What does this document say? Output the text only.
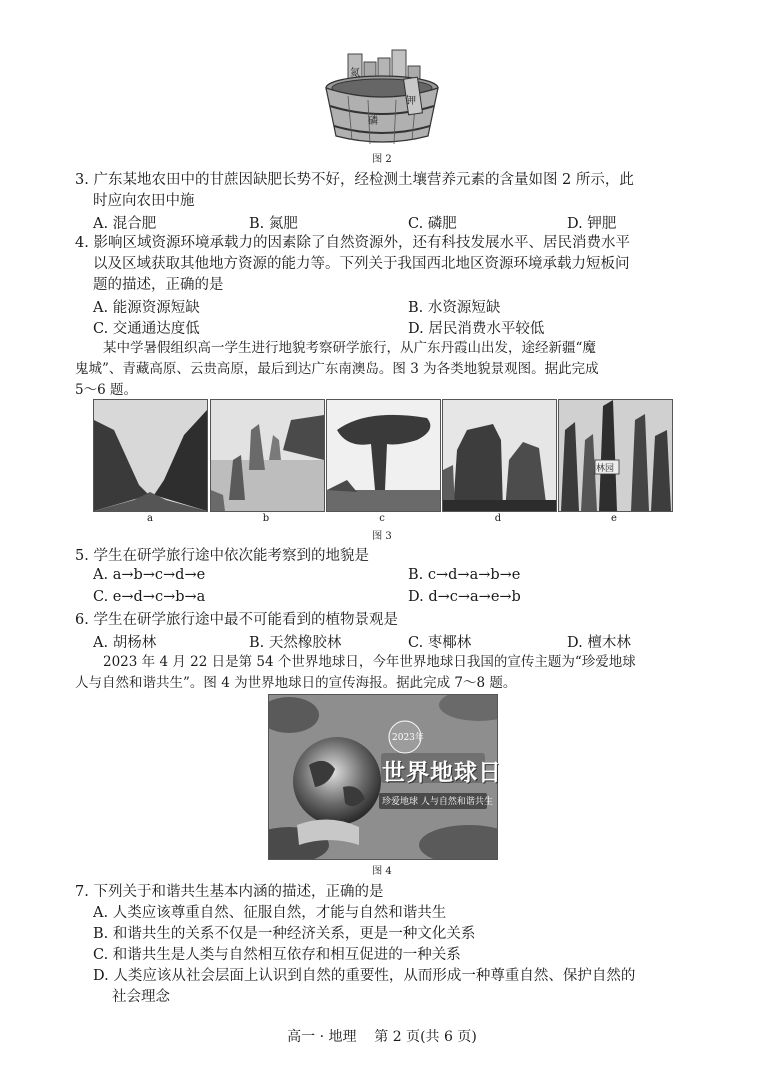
氮
钾
磷
图 2
3. 广东某地农田中的甘蔗因缺肥长势不好，经检测土壤营养元素的含量如图 2 所示，此
时应向农田中施
A. 混合肥	B. 氮肥	C. 磷肥	D. 钾肥
4. 影响区域资源环境承载力的因素除了自然资源外，还有科技发展水平、居民消费水平
以及区域获取其他地方资源的能力等。下列关于我国西北地区资源环境承载力短板问
题的描述，正确的是
A. 能源资源短缺	B. 水资源短缺
C. 交通通达度低	D. 居民消费水平较低
某中学暑假组织高一学生进行地貌考察研学旅行，从广东丹霞山出发，途经新疆“魔
鬼城”、青藏高原、云贵高原，最后到达广东南澳岛。图 3 为各类地貌景观图。据此完成
5～6 题。
林园
a	b	c	d	e
图 3
5. 学生在研学旅行途中依次能考察到的地貌是
A. a→b→c→d→e	B. c→d→a→b→e
C. e→d→c→b→a	D. d→c→a→e→b
6. 学生在研学旅行途中最不可能看到的植物景观是
A. 胡杨林	B. 天然橡胶林	C. 枣椰林	D. 檀木林
2023 年 4 月 22 日是第 54 个世界地球日，今年世界地球日我国的宣传主题为“珍爱地球
人与自然和谐共生”。图 4 为世界地球日的宣传海报。据此完成 7～8 题。
2023年
世界地球日
珍爱地球 人与自然和谐共生
图 4
7. 下列关于和谐共生基本内涵的描述，正确的是
A. 人类应该尊重自然、征服自然，才能与自然和谐共生
B. 和谐共生的关系不仅是一种经济关系，更是一种文化关系
C. 和谐共生是人类与自然相互依存和相互促进的一种关系
D. 人类应该从社会层面上认识到自然的重要性，从而形成一种尊重自然、保护自然的
社会理念
高一 · 地理    第 2 页(共 6 页)
